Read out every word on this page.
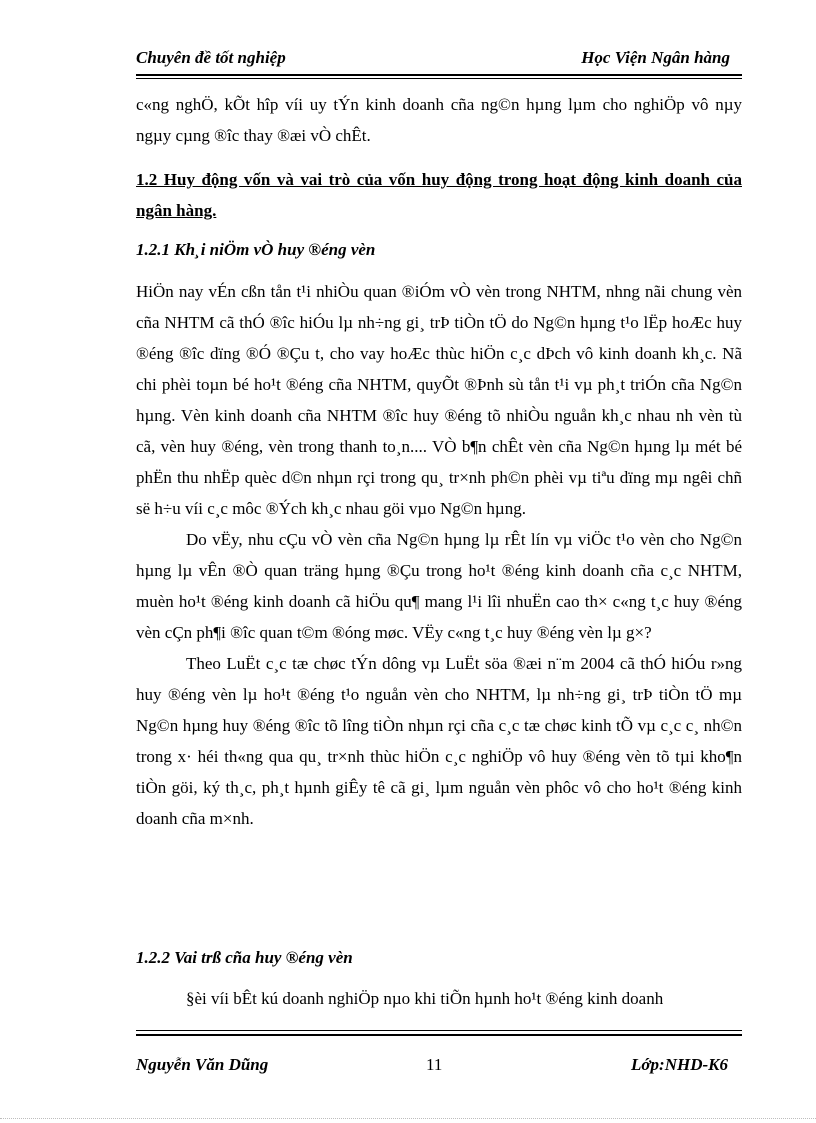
Chuyên đề tốt nghiệp	Học Viện Ngân hàng

c«ng nghÖ, kÕt hîp víi uy tÝn kinh doanh cña ng©n hµng lµm cho nghiÖp vô nµy ngµy cµng ®îc thay ®æi vÒ chÊt.

1.2 Huy động vốn và vai trò của vốn huy động trong hoạt động kinh doanh của ngân hàng.
1.2.1 Kh¸i niÖm vÒ huy ®éng vèn

HiÖn nay vÉn cßn tån t¹i nhiÒu quan ®iÓm vÒ vèn trong NHTM, nhng nãi chung vèn cña NHTM cã thÓ ®îc hiÓu lµ nh÷ng gi¸ trÞ tiÒn tÖ do Ng©n hµng t¹o lËp hoÆc huy ®éng ®îc dïng ®Ó ®Çu t, cho vay hoÆc thùc hiÖn c¸c dÞch vô kinh doanh kh¸c. Nã chi phèi toµn bé ho¹t ®éng cña NHTM, quyÕt ®Þnh sù tån t¹i vµ ph¸t triÓn cña Ng©n hµng. Vèn kinh doanh cña NHTM ®îc huy ®éng tõ nhiÒu nguån kh¸c nhau nh vèn tù cã, vèn huy ®éng, vèn trong thanh to¸n.... VÒ b¶n chÊt vèn cña Ng©n hµng lµ mét bé phËn thu nhËp quèc d©n nhµn rçi trong qu¸ tr×nh ph©n phèi vµ tiªu dïng mµ ngêi chñ së h÷u víi c¸c môc ®Ých kh¸c nhau göi vµo Ng©n hµng.

Do vËy, nhu cÇu vÒ vèn cña Ng©n hµng lµ rÊt lín vµ viÖc t¹o vèn cho Ng©n hµng lµ vÊn ®Ò quan träng hµng ®Çu trong ho¹t ®éng kinh doanh cña c¸c NHTM, muèn ho¹t ®éng kinh doanh cã hiÖu qu¶ mang l¹i lîi nhuËn cao th× c«ng t¸c huy ®éng vèn cÇn ph¶i ®îc quan t©m ®óng møc. VËy c«ng t¸c huy ®éng vèn lµ g×?

Theo LuËt c¸c tæ chøc tÝn dông vµ LuËt söa ®æi n¨m 2004 cã thÓ hiÓu r»ng huy ®éng vèn lµ ho¹t ®éng t¹o nguån vèn cho NHTM, lµ nh÷ng gi¸ trÞ tiÒn tÖ mµ Ng©n hµng huy ®éng ®îc tõ lîng tiÒn nhµn rçi cña c¸c tæ chøc kinh tÕ vµ c¸c c¸ nh©n trong x· héi th«ng qua qu¸ tr×nh thùc hiÖn c¸c nghiÖp vô huy ®éng vèn tõ tµi kho¶n tiÒn göi, ký th¸c, ph¸t hµnh giÊy tê cã gi¸ lµm nguån vèn phôc vô cho ho¹t ®éng kinh doanh cña m×nh.

1.2.2 Vai trß cña huy ®éng vèn

§èi víi bÊt kú doanh nghiÖp nµo khi tiÕn hµnh ho¹t ®éng kinh doanh

Nguyễn Văn Dũng	11	Lớp:NHD-K6
